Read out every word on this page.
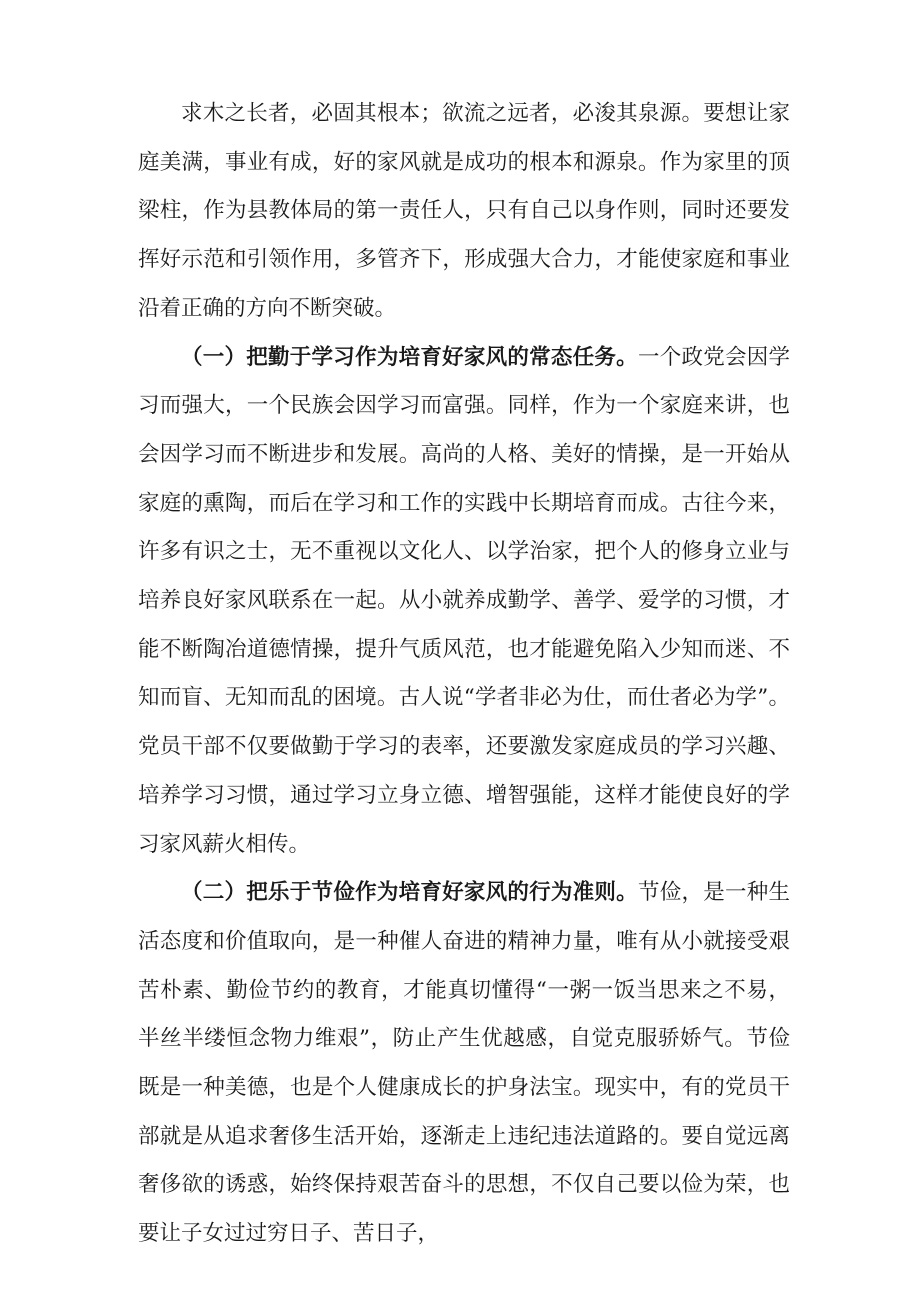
求木之长者，必固其根本；欲流之远者，必浚其泉源。要想让家庭美满，事业有成，好的家风就是成功的根本和源泉。作为家里的顶梁柱，作为县教体局的第一责任人，只有自己以身作则，同时还要发挥好示范和引领作用，多管齐下，形成强大合力，才能使家庭和事业沿着正确的方向不断突破。

（一）把勤于学习作为培育好家风的常态任务。一个政党会因学习而强大，一个民族会因学习而富强。同样，作为一个家庭来讲，也会因学习而不断进步和发展。高尚的人格、美好的情操，是一开始从家庭的熏陶，而后在学习和工作的实践中长期培育而成。古往今来，许多有识之士，无不重视以文化人、以学治家，把个人的修身立业与培养良好家风联系在一起。从小就养成勤学、善学、爱学的习惯，才能不断陶冶道德情操，提升气质风范，也才能避免陷入少知而迷、不知而盲、无知而乱的困境。古人说“学者非必为仕，而仕者必为学”。党员干部不仅要做勤于学习的表率，还要激发家庭成员的学习兴趣、培养学习习惯，通过学习立身立德、增智强能，这样才能使良好的学习家风薪火相传。

（二）把乐于节俭作为培育好家风的行为准则。节俭，是一种生活态度和价值取向，是一种催人奋进的精神力量，唯有从小就接受艰苦朴素、勤俭节约的教育，才能真切懂得“一粥一饭当思来之不易，半丝半缕恒念物力维艰”，防止产生优越感，自觉克服骄娇气。节俭既是一种美德，也是个人健康成长的护身法宝。现实中，有的党员干部就是从追求奢侈生活开始，逐渐走上违纪违法道路的。要自觉远离奢侈欲的诱惑，始终保持艰苦奋斗的思想，不仅自己要以俭为荣，也要让子女过过穷日子、苦日子，
